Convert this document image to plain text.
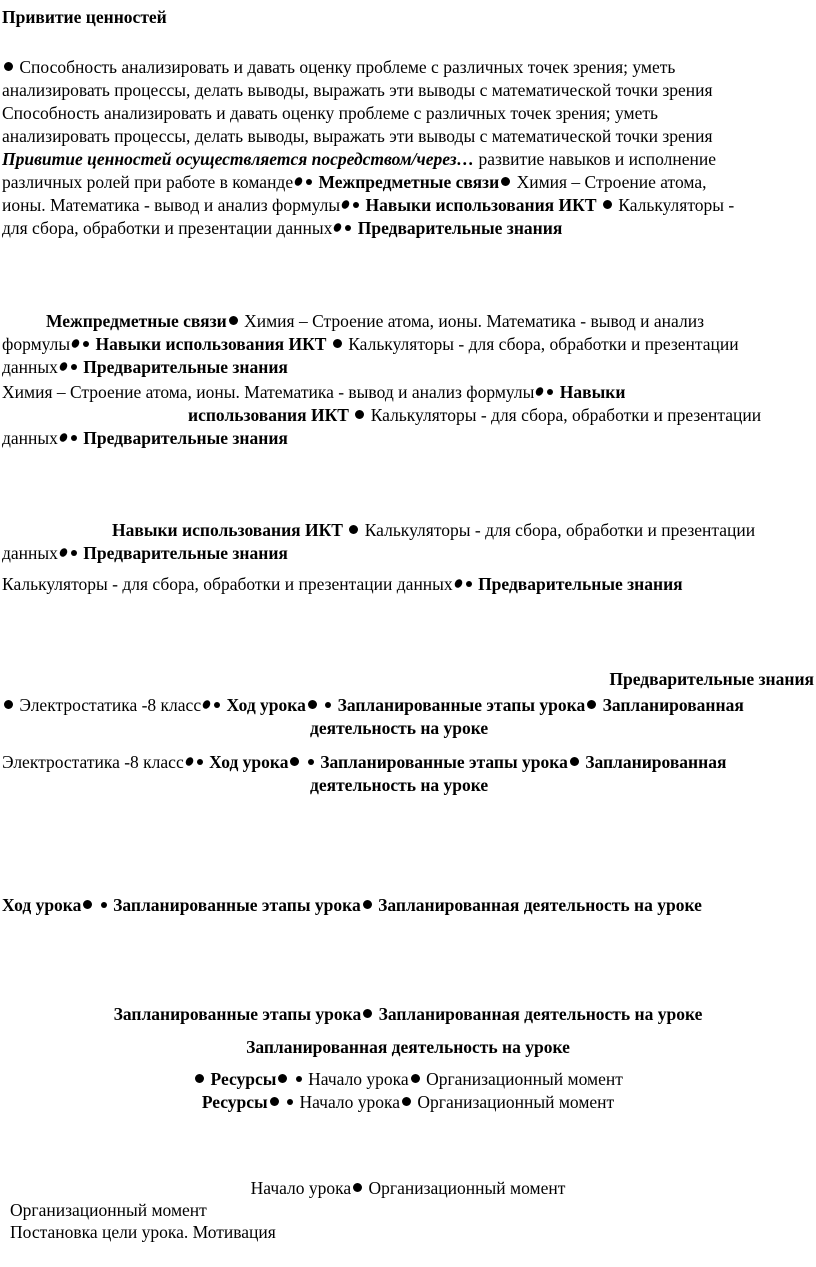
Привитие ценностей
Способность анализировать и давать оценку проблеме с различных точек зрения; уметь
анализировать процессы, делать выводы, выражать эти выводы с математической точки зрения
Способность анализировать и давать оценку проблеме с различных точек зрения; уметь
анализировать процессы, делать выводы, выражать эти выводы с математической точки зрения
Привитие ценностей осуществляется посредством/через… развитие навыков и исполнение
различных ролей при работе в команде Межпредметные связи Химия – Строение атома,
ионы. Математика - вывод и анализ формулы Навыки использования ИКТ  Калькуляторы -
для сбора, обработки и презентации данных Предварительные знания
Межпредметные связи Химия – Строение атома, ионы. Математика - вывод и анализ
формулы Навыки использования ИКТ  Калькуляторы - для сбора, обработки и презентации
данных Предварительные знания
Химия – Строение атома, ионы. Математика - вывод и анализ формулы Навыки
использования ИКТ  Калькуляторы - для сбора, обработки и презентации
данных Предварительные знания
Навыки использования ИКТ  Калькуляторы - для сбора, обработки и презентации
данных Предварительные знания
Калькуляторы - для сбора, обработки и презентации данных Предварительные знания
Предварительные знания
Электростатика -8 класс Ход урока Запланированные этапы урока Запланированная
деятельность на уроке
Электростатика -8 класс Ход урока Запланированные этапы урока Запланированная
деятельность на уроке
Ход урока Запланированные этапы урока Запланированная деятельность на уроке
Запланированные этапы урока Запланированная деятельность на уроке
Запланированная деятельность на уроке
Ресурсы  Начало урока Организационный момент
Ресурсы  Начало урока Организационный момент
Начало урока Организационный момент
Организационный момент
Постановка цели урока. Мотивация
